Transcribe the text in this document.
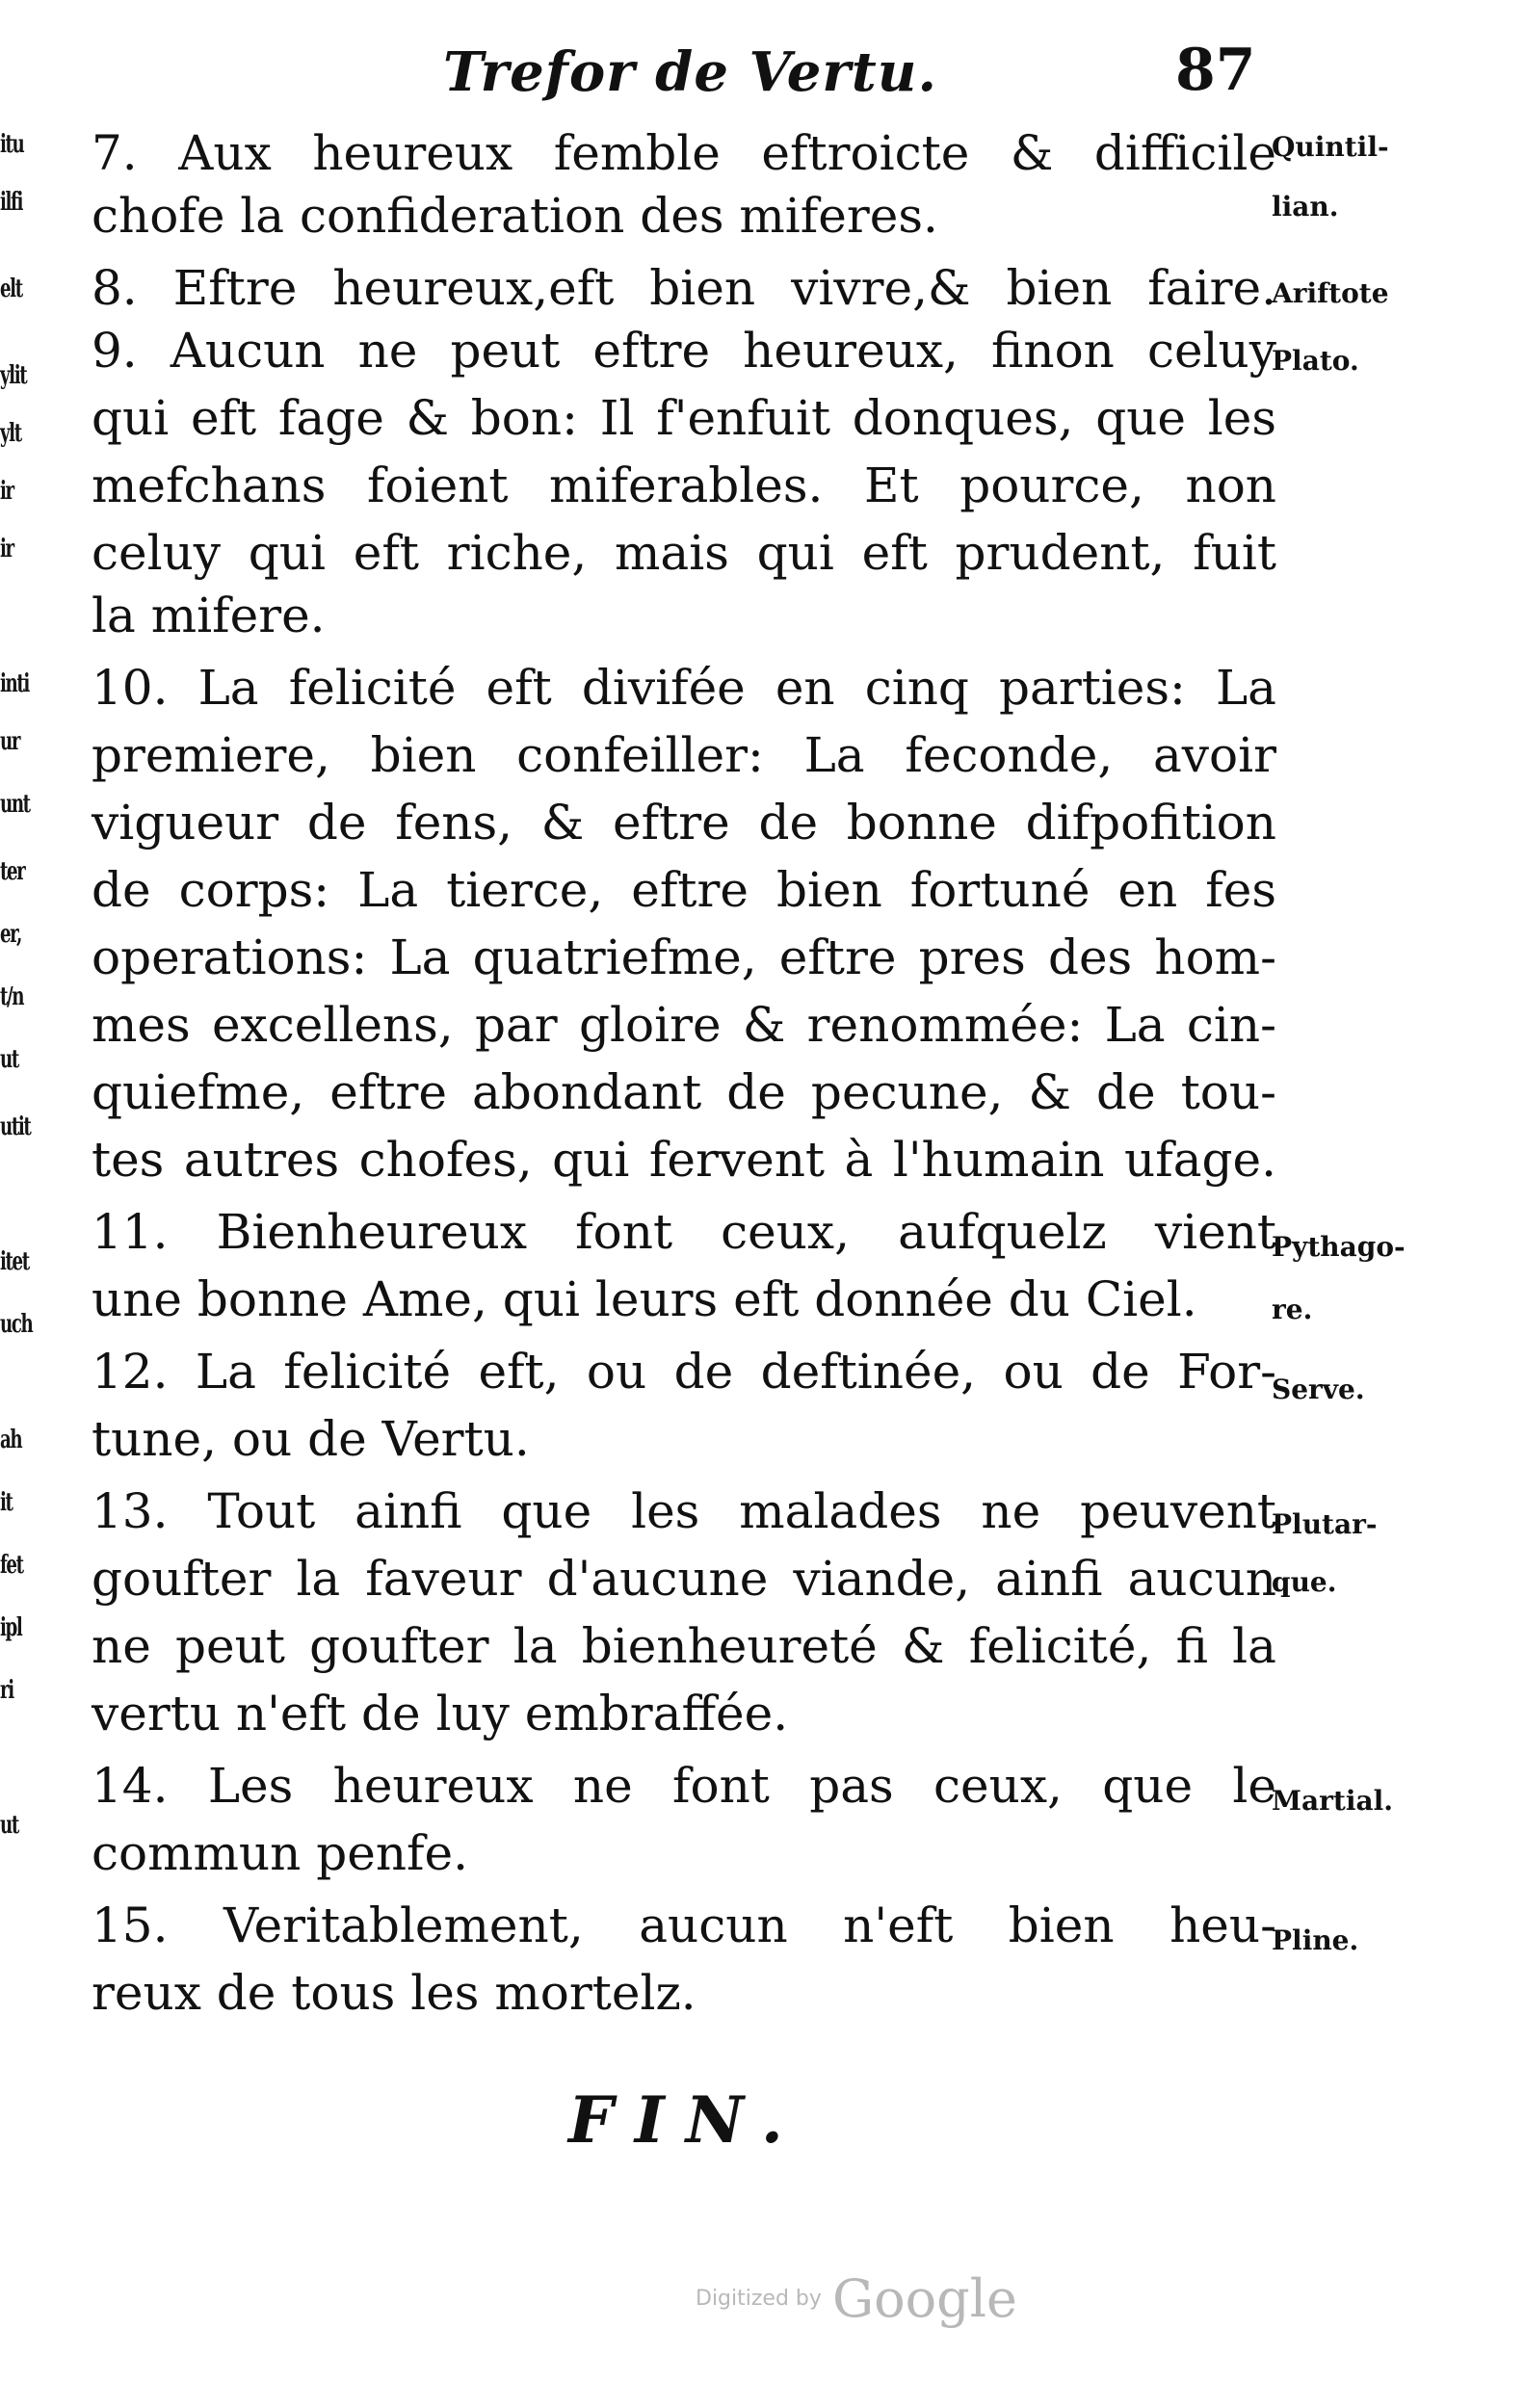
itu
ilfi
elt
ylit
ylt
ir
ir
inti
ur
unt
ter
er,
t/n
ut
utit
itet
uch
ah
it
fet
ipl
ri
ut
Trefor de Vertu.	87
7. Aux heureux femble eftroicte & difficile
chofe la confideration des miferes.
8. Eftre heureux,eft bien vivre,& bien faire.
9. Aucun ne peut eftre heureux, finon celuy
qui eft fage & bon: Il f'enfuit donques, que les
mefchans foient miferables. Et pource, non
celuy qui eft riche, mais qui eft prudent, fuit
la mifere.
10. La felicité eft divifée en cinq parties: La
premiere, bien confeiller: La feconde, avoir
vigueur de fens, & eftre de bonne difpofition
de corps: La tierce, eftre bien fortuné en fes
operations: La quatriefme, eftre pres des hom-
mes excellens, par gloire & renommée: La cin-
quiefme, eftre abondant de pecune, & de tou-
tes autres chofes, qui fervent à l'humain ufage.
11. Bienheureux font ceux, aufquelz vient
une bonne Ame, qui leurs eft donnée du Ciel.
12. La felicité eft, ou de deftinée, ou de For-
tune, ou de Vertu.
13. Tout ainfi que les malades ne peuvent
goufter la faveur d'aucune viande, ainfi aucun
ne peut goufter la bienheureté & felicité, fi la
vertu n'eft de luy embraffée.
14. Les heureux ne font pas ceux, que le
commun penfe.
15. Veritablement, aucun n'eft bien heu-
reux de tous les mortelz.
Quintil-
lian.
Ariftote
Plato.
Pythago-
re.
Serve.
Plutar-
que.
Martial.
Pline.
FIN.
Digitized by Google
